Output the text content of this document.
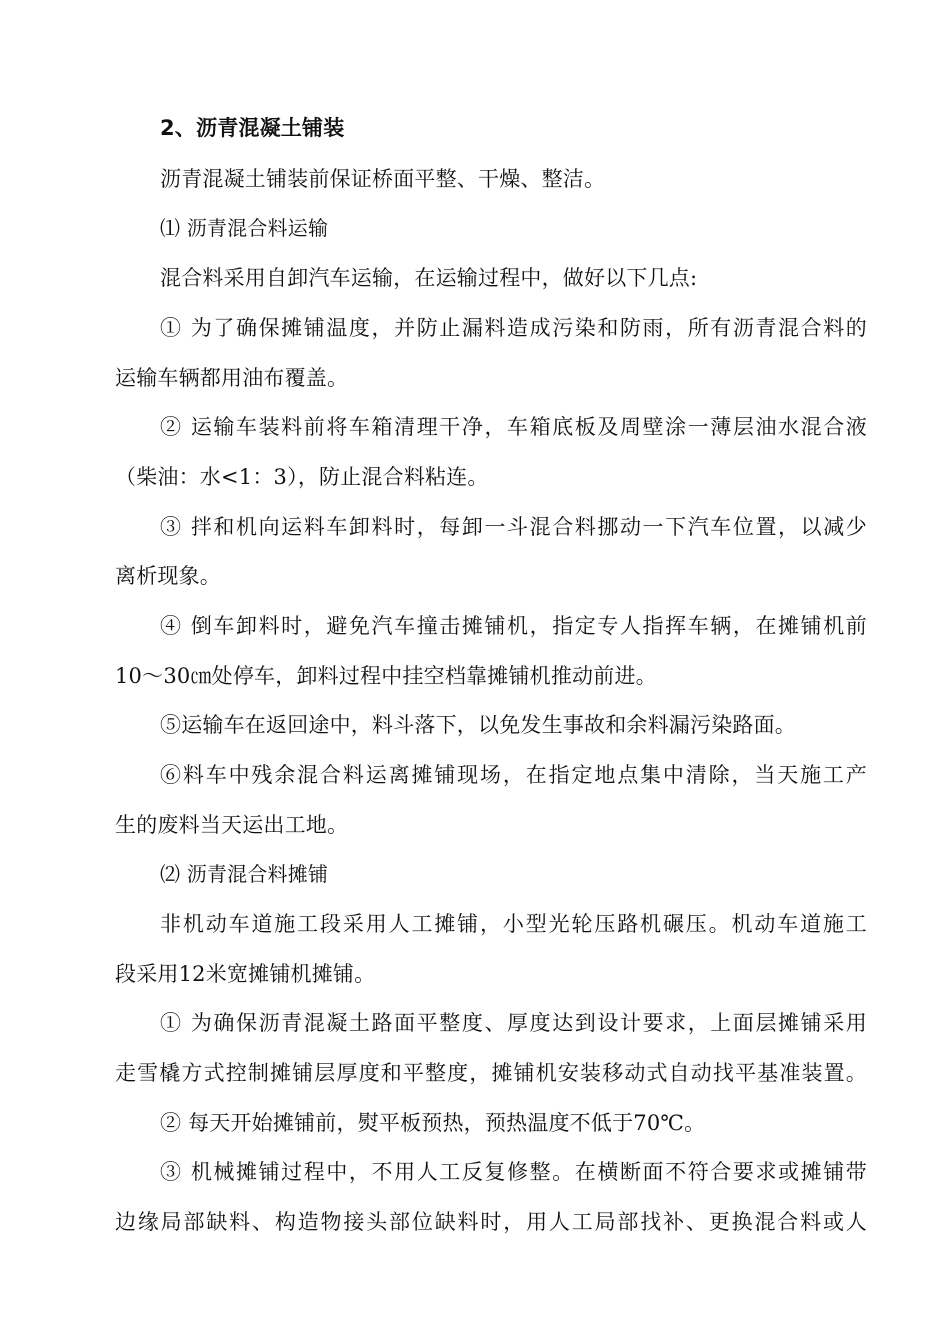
2、沥青混凝土铺装
沥青混凝土铺装前保证桥面平整、干燥、整洁。
⑴ 沥青混合料运输
混合料采用自卸汽车运输，在运输过程中，做好以下几点:
① 为了确保摊铺温度，并防止漏料造成污染和防雨，所有沥青混合料的
运输车辆都用油布覆盖。
② 运输车装料前将车箱清理干净，车箱底板及周壁涂一薄层油水混合液
（柴油：水<1：3），防止混合料粘连。
③ 拌和机向运料车卸料时，每卸一斗混合料挪动一下汽车位置，以减少
离析现象。
④ 倒车卸料时，避免汽车撞击摊铺机，指定专人指挥车辆，在摊铺机前
10～30㎝处停车，卸料过程中挂空档靠摊铺机推动前进。
⑤运输车在返回途中，料斗落下，以免发生事故和余料漏污染路面。
⑥料车中残余混合料运离摊铺现场，在指定地点集中清除，当天施工产
生的废料当天运出工地。
⑵ 沥青混合料摊铺
非机动车道施工段采用人工摊铺，小型光轮压路机碾压。机动车道施工
段采用12米宽摊铺机摊铺。
① 为确保沥青混凝土路面平整度、厚度达到设计要求，上面层摊铺采用
走雪橇方式控制摊铺层厚度和平整度，摊铺机安装移动式自动找平基准装置。
② 每天开始摊铺前，熨平板预热，预热温度不低于70℃。
③ 机械摊铺过程中，不用人工反复修整。在横断面不符合要求或摊铺带
边缘局部缺料、构造物接头部位缺料时，用人工局部找补、更换混合料或人
